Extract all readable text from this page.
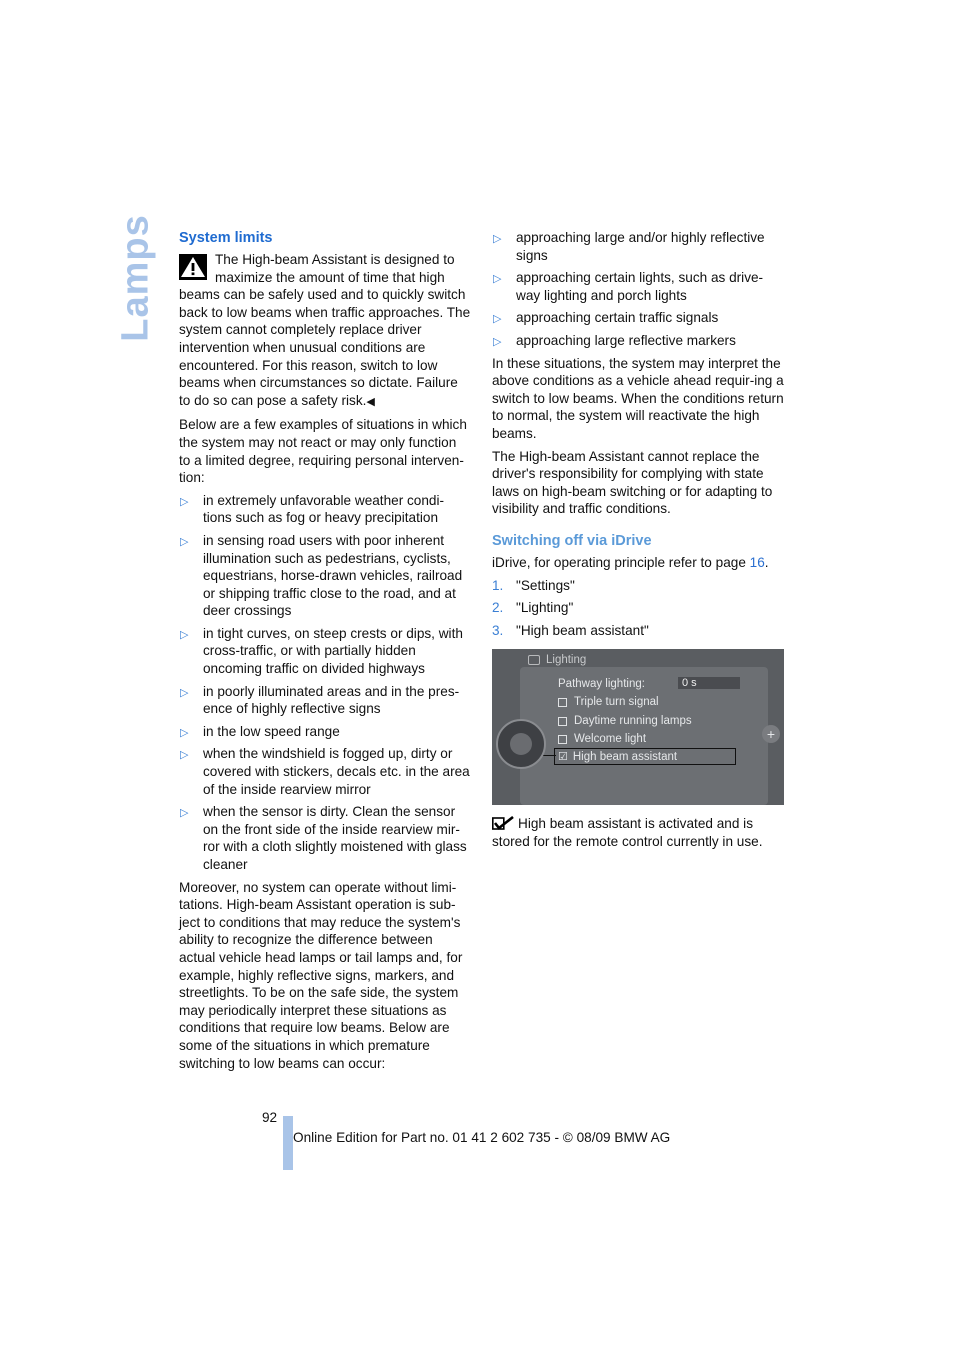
Lamps System limits

The High-beam Assistant is designed to maximize the amount of time that high beams can be safely used and to quickly switch back to low beams when traffic approaches. The system cannot completely replace driver intervention when unusual conditions are encountered. For this reason, switch to low beams when circumstances so dictate. Failure to do so can pose a safety risk.◀

Below are a few examples of situations in which the system may not react or may only function to a limited degree, requiring personal interven-tion:

▷ in extremely unfavorable weather condi-tions such as fog or heavy precipitation
▷ in sensing road users with poor inherent illumination such as pedestrians, cyclists, equestrians, horse-drawn vehicles, railroad or shipping traffic close to the road, and at deer crossings
▷ in tight curves, on steep crests or dips, with cross-traffic, or with partially hidden oncoming traffic on divided highways
▷ in poorly illuminated areas and in the pres-ence of highly reflective signs
▷ in the low speed range
▷ when the windshield is fogged up, dirty or covered with stickers, decals etc. in the area of the inside rearview mirror
▷ when the sensor is dirty. Clean the sensor on the front side of the inside rearview mir-ror with a cloth slightly moistened with glass cleaner

Moreover, no system can operate without limi-tations. High-beam Assistant operation is sub-ject to conditions that may reduce the system's ability to recognize the difference between actual vehicle head lamps or tail lamps and, for example, highly reflective signs, markers, and streetlights. To be on the safe side, the system may periodically interpret these situations as conditions that require low beams. Below are some of the situations in which premature switching to low beams can occur:

▷ approaching large and/or highly reflective signs
▷ approaching certain lights, such as drive-way lighting and porch lights
▷ approaching certain traffic signals
▷ approaching large reflective markers

In these situations, the system may interpret the above conditions as a vehicle ahead requir-ing a switch to low beams. When the conditions return to normal, the system will reactivate the high beams.

The High-beam Assistant cannot replace the driver's responsibility for complying with state laws on high-beam switching or for adapting to visibility and traffic conditions.

Switching off via iDrive

iDrive, for operating principle refer to page 16.

1. "Settings"
2. "Lighting"
3. "High beam assistant"
Lighting
Pathway lighting:	0 s
Triple turn signal
Daytime running lamps
Welcome light
☑ High beam assistant
+

High beam assistant is activated and is stored for the remote control currently in use.

92
Online Edition for Part no. 01 41 2 602 735 - © 08/09 BMW AG
